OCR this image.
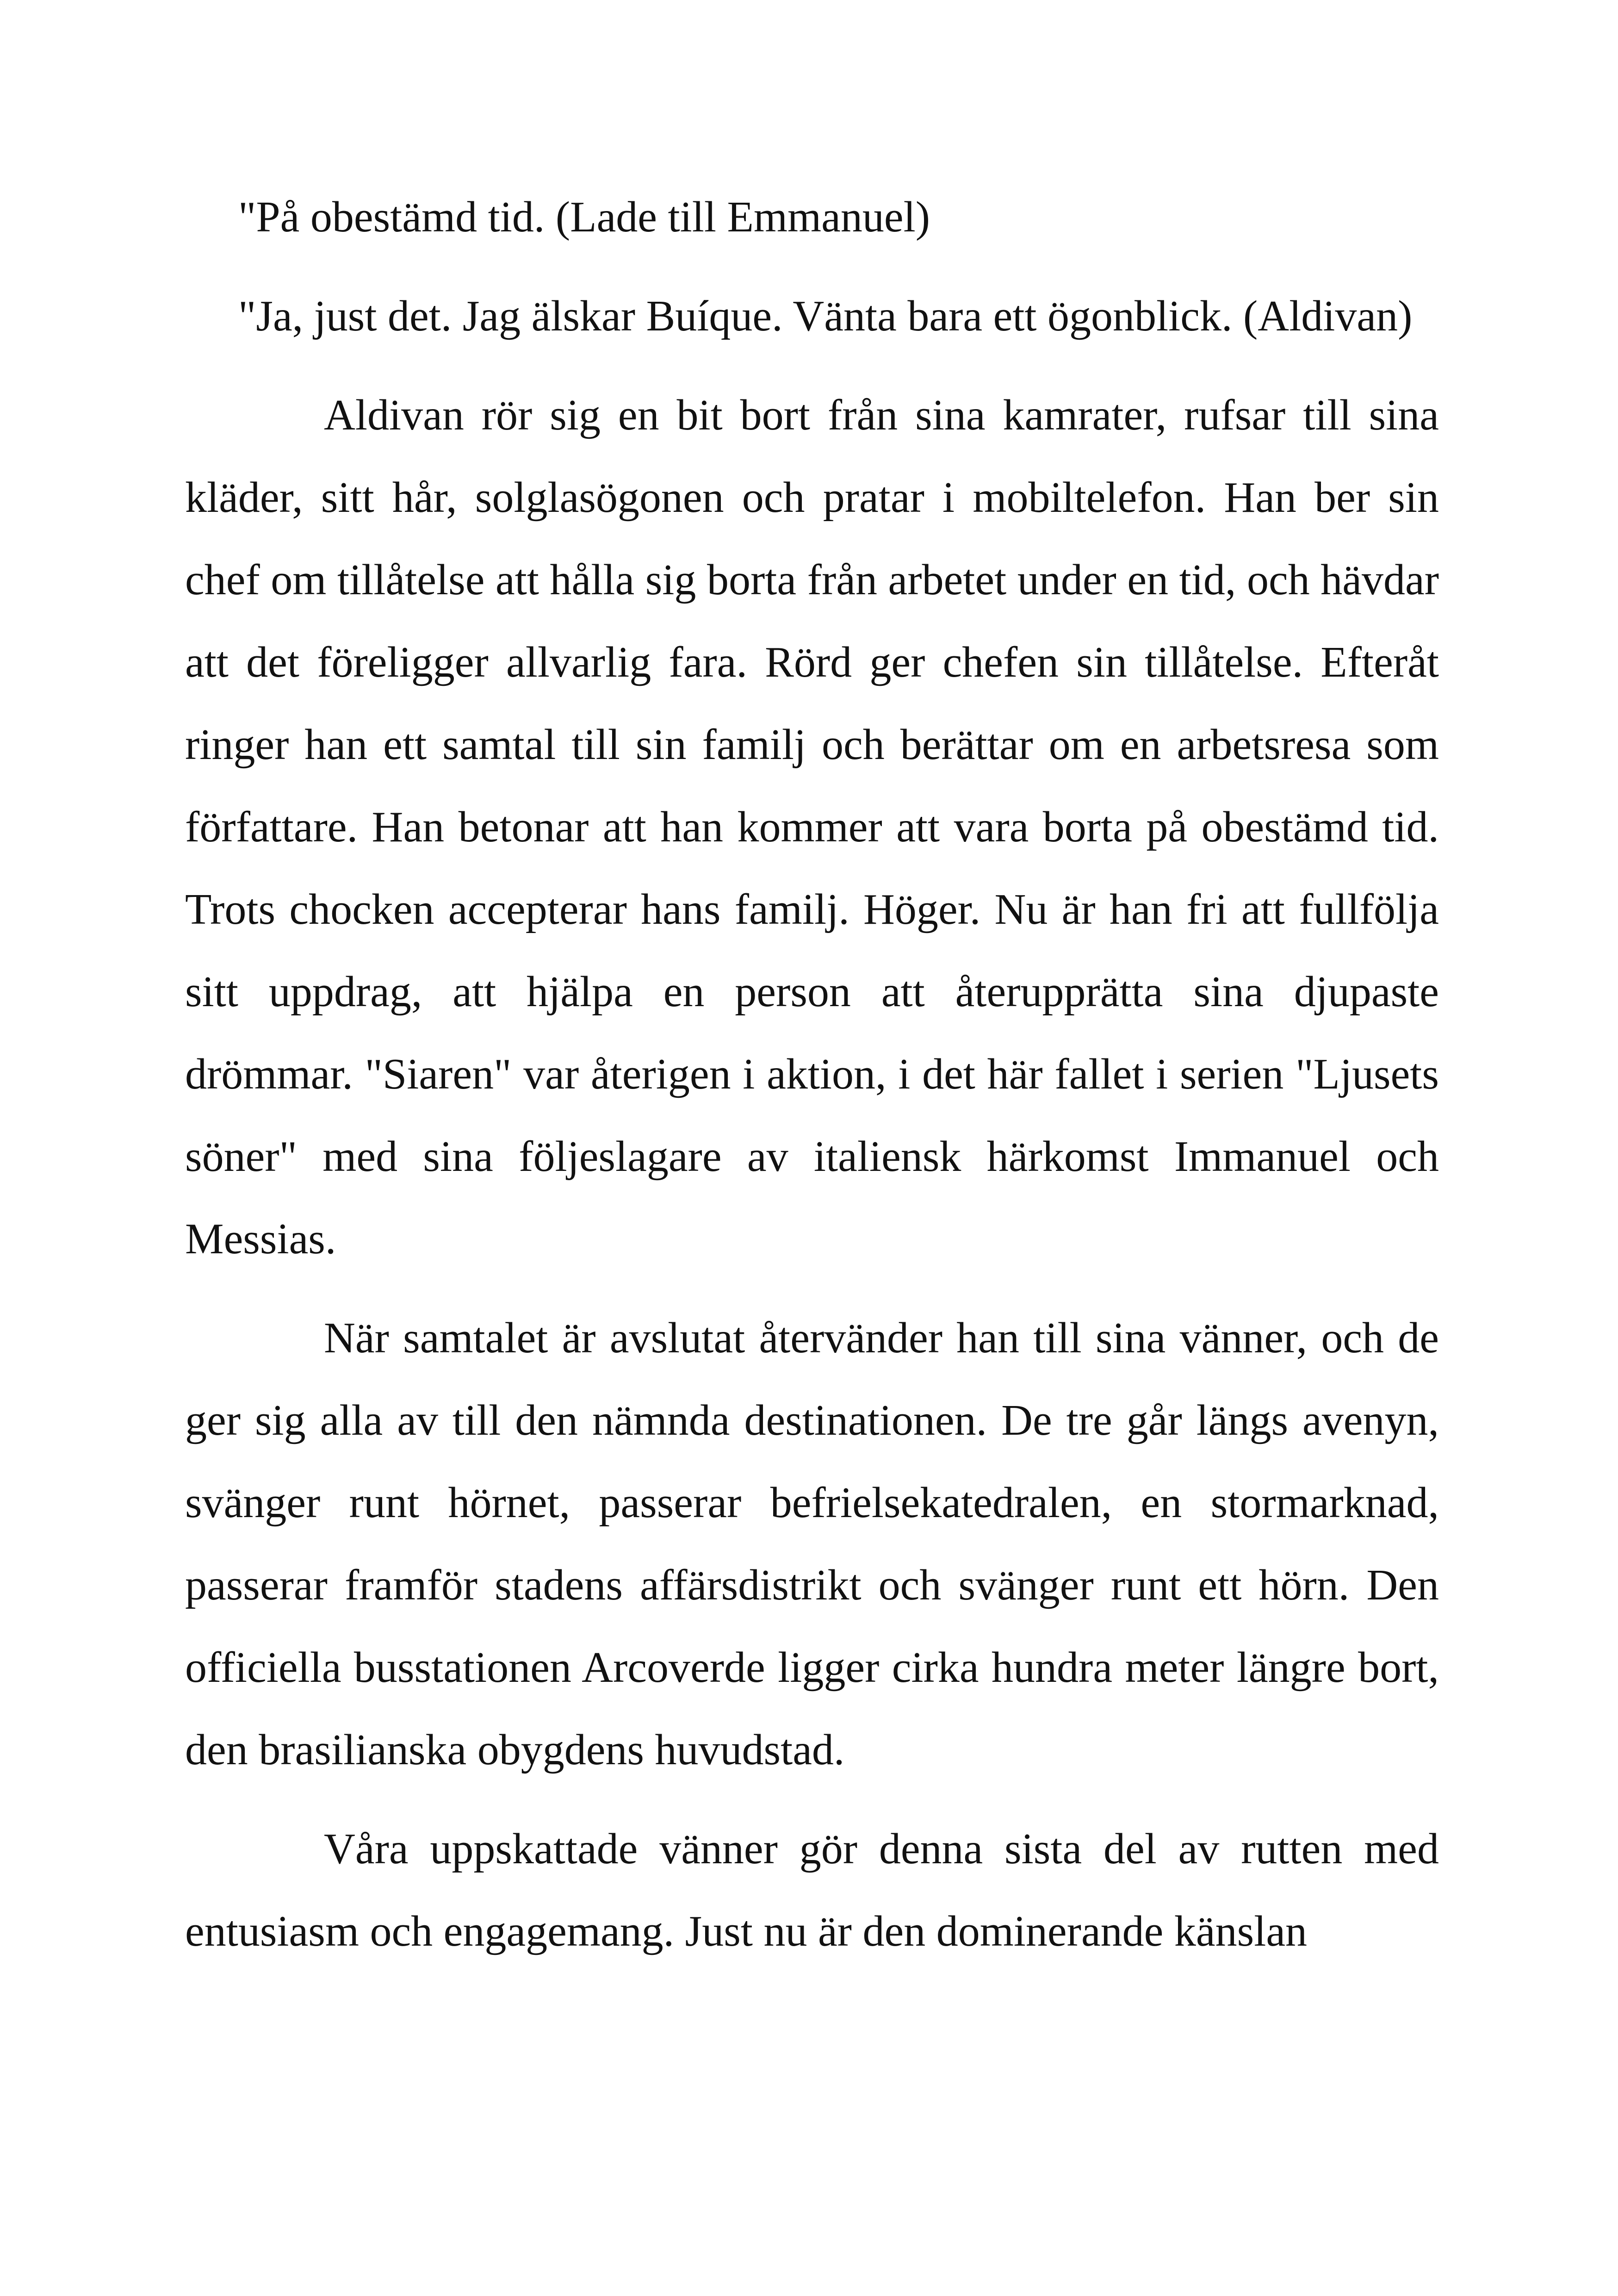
"På obestämd tid. (Lade till Emmanuel)

"Ja, just det. Jag älskar Buíque. Vänta bara ett ögonblick. (Aldivan)

Aldivan rör sig en bit bort från sina kamrater, rufsar till sina kläder, sitt hår, solglasögonen och pratar i mobiltelefon. Han ber sin chef om tillåtelse att hålla sig borta från arbetet under en tid, och hävdar att det föreligger allvarlig fara. Rörd ger chefen sin tillåtelse. Efteråt ringer han ett samtal till sin familj och berättar om en arbetsresa som författare. Han betonar att han kommer att vara borta på obestämd tid. Trots chocken accepterar hans familj. Höger. Nu är han fri att fullfölja sitt uppdrag, att hjälpa en person att återupprätta sina djupaste drömmar. "Siaren" var återigen i aktion, i det här fallet i serien "Ljusets söner" med sina följeslagare av italiensk härkomst Immanuel och Messias.

När samtalet är avslutat återvänder han till sina vänner, och de ger sig alla av till den nämnda destinationen. De tre går längs avenyn, svänger runt hörnet, passerar befrielsekatedralen, en stormarknad, passerar framför stadens affärsdistrikt och svänger runt ett hörn. Den officiella busstationen Arcoverde ligger cirka hundra meter längre bort, den brasilianska obygdens huvudstad.

Våra uppskattade vänner gör denna sista del av rutten med entusiasm och engagemang. Just nu är den dominerande känslan
